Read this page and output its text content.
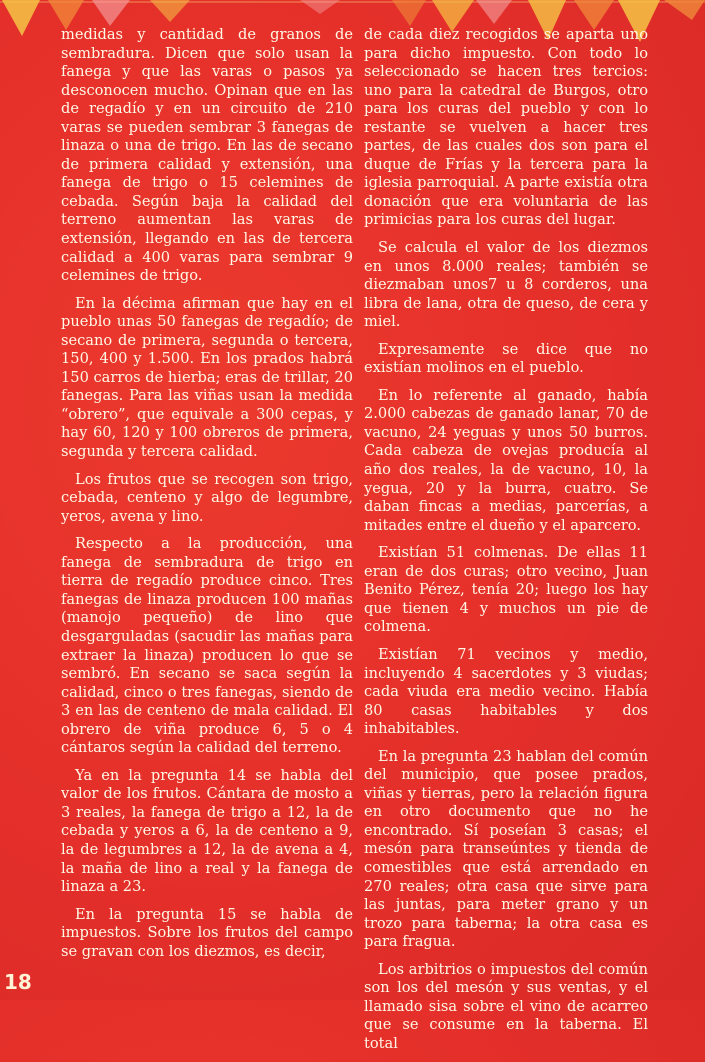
medidas y cantidad de granos de sembradura. Dicen que solo usan la fanega y que las varas o pasos ya desconocen mucho. Opinan que en las de regadío y en un circuito de 210 varas se pueden sembrar 3 fanegas de linaza o una de trigo. En las de secano de primera calidad y extensión, una fanega de trigo o 15 celemines de cebada. Según baja la calidad del terreno aumentan las varas de extensión, llegando en las de tercera calidad a 400 varas para sembrar 9 celemines de trigo.

En la décima afirman que hay en el pueblo unas 50 fanegas de regadío; de secano de primera, segunda o tercera, 150, 400 y 1.500. En los prados habrá 150 carros de hierba; eras de trillar, 20 fanegas. Para las viñas usan la medida “obrero”, que equivale a 300 cepas, y hay 60, 120 y 100 obreros de primera, segunda y tercera calidad.

Los frutos que se recogen son trigo, cebada, centeno y algo de legumbre, yeros, avena y lino.

Respecto a la producción, una fanega de sembradura de trigo en tierra de regadío produce cinco. Tres fanegas de linaza producen 100 mañas (manojo pequeño) de lino que desgarguladas (sacudir las mañas para extraer la linaza) producen lo que se sembró. En secano se saca según la calidad, cinco o tres fanegas, siendo de 3 en las de centeno de mala calidad. El obrero de viña produce 6, 5 o 4 cántaros según la calidad del terreno.

Ya en la pregunta 14 se habla del valor de los frutos. Cántara de mosto a 3 reales, la fanega de trigo a 12, la de cebada y yeros a 6, la de centeno a 9, la de legumbres a 12, la de avena a 4, la maña de lino a real y la fanega de linaza a 23.

En la pregunta 15 se habla de impuestos. Sobre los frutos del campo se gravan con los diezmos, es decir,

de cada diez recogidos se aparta uno para dicho impuesto. Con todo lo seleccionado se hacen tres tercios: uno para la catedral de Burgos, otro para los curas del pueblo y con lo restante se vuelven a hacer tres partes, de las cuales dos son para el duque de Frías y la tercera para la iglesia parroquial. A parte existía otra donación que era voluntaria de las primicias para los curas del lugar.

Se calcula el valor de los diezmos en unos 8.000 reales; también se diezmaban unos7 u 8 corderos, una libra de lana, otra de queso, de cera y miel.

Expresamente se dice que no existían molinos en el pueblo.

En lo referente al ganado, había 2.000 cabezas de ganado lanar, 70 de vacuno, 24 yeguas y unos 50 burros. Cada cabeza de ovejas producía al año dos reales, la de vacuno, 10, la yegua, 20 y la burra, cuatro. Se daban fincas a medias, parcerías, a mitades entre el dueño y el aparcero.

Existían 51 colmenas. De ellas 11 eran de dos curas; otro vecino, Juan Benito Pérez, tenía 20; luego los hay que tienen 4 y muchos un pie de colmena.

Existían 71 vecinos y medio, incluyendo 4 sacerdotes y 3 viudas; cada viuda era medio vecino. Había 80 casas habitables y dos inhabitables.

En la pregunta 23 hablan del común del municipio, que posee prados, viñas y tierras, pero la relación figura en otro documento que no he encontrado. Sí poseían 3 casas; el mesón para transeúntes y tienda de comestibles que está arrendado en 270 reales; otra casa que sirve para las juntas, para meter grano y un trozo para taberna; la otra casa es para fragua.

Los arbitrios o impuestos del común son los del mesón y sus ventas, y el llamado sisa sobre el vino de acarreo que se consume en la taberna. El total

18
